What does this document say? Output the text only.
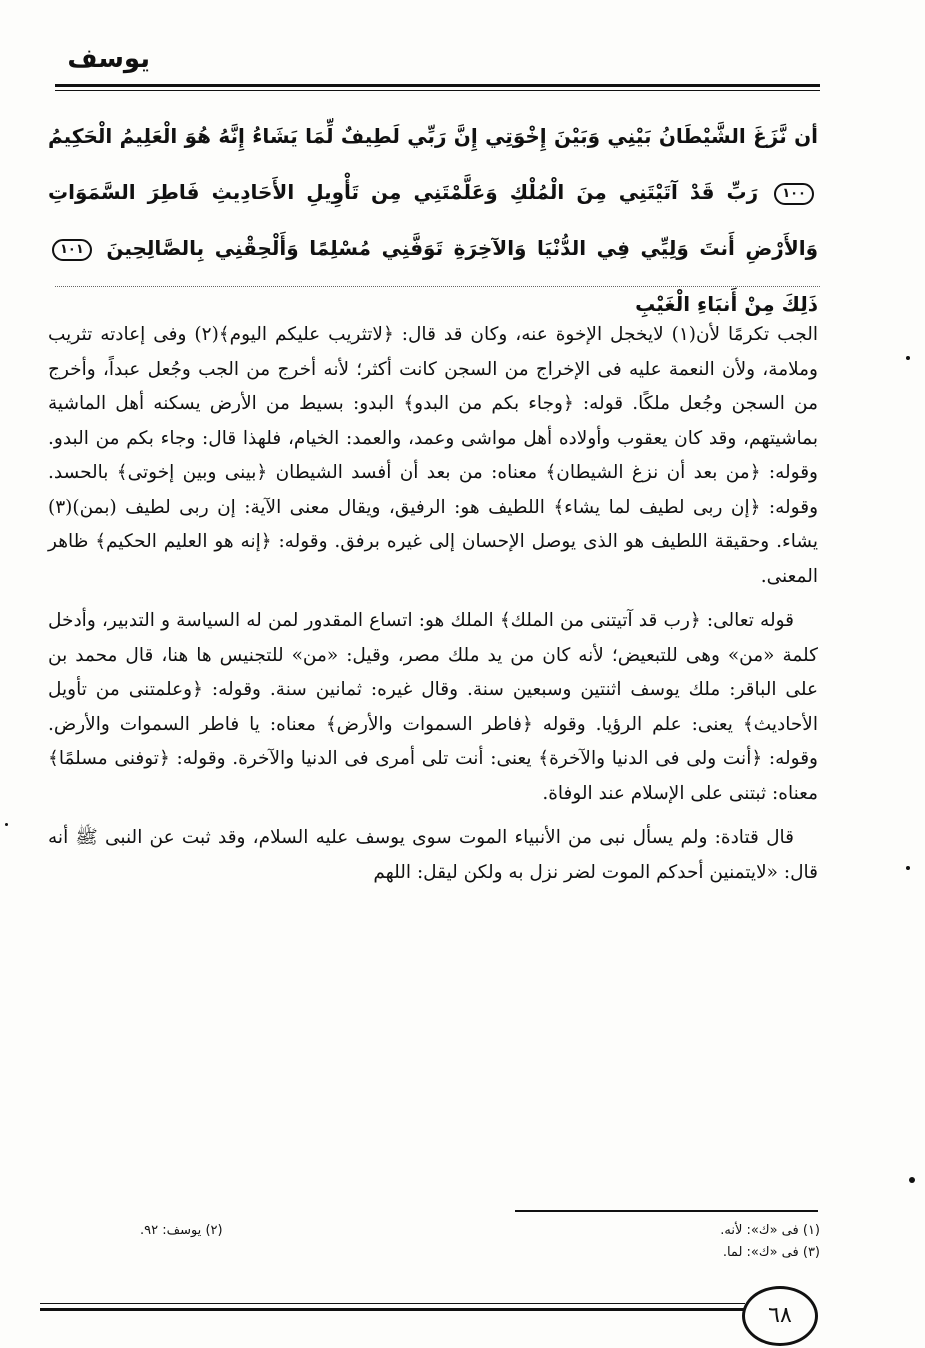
يوسف
أن نَّزَغَ الشَّيْطَانُ بَيْنِي وَبَيْنَ إِخْوَتِي إِنَّ رَبِّي لَطِيفٌ لِّمَا يَشَاءُ إِنَّهُ هُوَ الْعَلِيمُ الْحَكِيمُ ١٠٠ رَبِّ قَدْ آتَيْتَنِي مِنَ الْمُلْكِ وَعَلَّمْتَنِي مِن تَأْوِيلِ الأَحَادِيثِ فَاطِرَ السَّمَوَاتِ وَالأَرْضِ أَنتَ وَلِيِّي فِي الدُّنْيَا وَالآخِرَةِ تَوَفَّنِي مُسْلِمًا وَأَلْحِقْنِي بِالصَّالِحِينَ ١٠١ ذَلِكَ مِنْ أَنبَاءِ الْغَيْبِ

الجب تكرمًا لأن(١) لايخجل الإخوة عنه، وكان قد قال: ﴿لاتثريب عليكم اليوم﴾(٢) وفى إعادته تثريب وملامة، ولأن النعمة عليه فى الإخراج من السجن كانت أكثر؛ لأنه أخرج من الجب وجُعل عبداً، وأخرج من السجن وجُعل ملكًا. قوله: ﴿وجاء بكم من البدو﴾ البدو: بسيط من الأرض يسكنه أهل الماشية بماشيتهم، وقد كان يعقوب وأولاده أهل مواشى وعمد، والعمد: الخيام، فلهذا قال: وجاء بكم من البدو. وقوله: ﴿من بعد أن نزغ الشيطان﴾ معناه: من بعد أن أفسد الشيطان ﴿بينى وبين إخوتى﴾ بالحسد. وقوله: ﴿إن ربى لطيف لما يشاء﴾ اللطيف هو: الرفيق، ويقال معنى الآية: إن ربى لطيف (بمن)(٣) يشاء. وحقيقة اللطيف هو الذى يوصل الإحسان إلى غيره برفق. وقوله: ﴿إنه هو العليم الحكيم﴾ ظاهر المعنى.

قوله تعالى: ﴿رب قد آتيتنى من الملك﴾ الملك هو: اتساع المقدور لمن له السياسة و التدبير، وأدخل كلمة «من» وهى للتبعيض؛ لأنه كان من يد ملك مصر، وقيل: «من» للتجنيس ها هنا، قال محمد بن على الباقر: ملك يوسف اثنتين وسبعين سنة. وقال غيره: ثمانين سنة. وقوله: ﴿وعلمتنى من تأويل الأحاديث﴾ يعنى: علم الرؤيا. وقوله ﴿فاطر السموات والأرض﴾ معناه: يا فاطر السموات والأرض. وقوله: ﴿أنت ولى فى الدنيا والآخرة﴾ يعنى: أنت تلى أمرى فى الدنيا والآخرة. وقوله: ﴿توفنى مسلمًا﴾ معناه: ثبتنى على الإسلام عند الوفاة.

قال قتادة: ولم يسأل نبى من الأنبياء الموت سوى يوسف عليه السلام، وقد ثبت عن النبى ﷺ أنه قال: «لايتمنين أحدكم الموت لضر نزل به ولكن ليقل: اللهم

(١) فى «ك»: لأنه.
(٢) يوسف: ٩٢.
(٣) فى «ك»: لما.
٦٨
